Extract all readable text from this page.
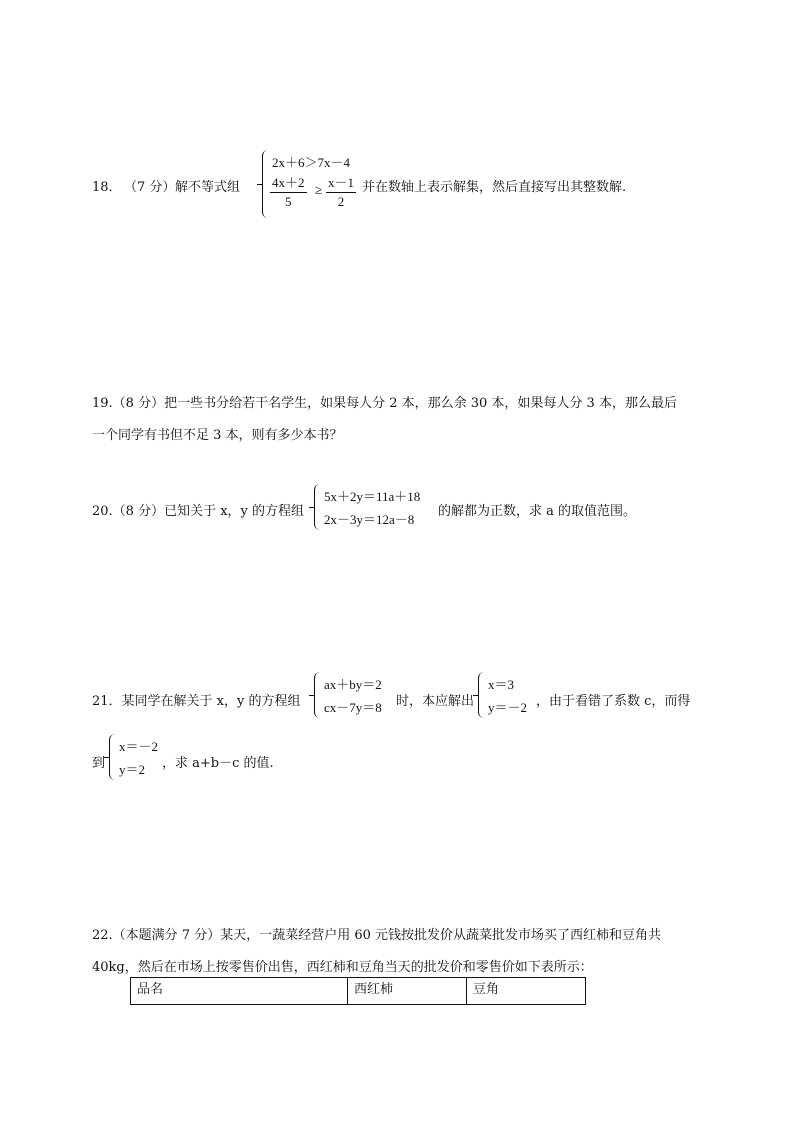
18． （7 分） 解不等式组
2x＋6＞7x－4
4x＋2
5
≥ x－1
2
并在数轴上表示解集，然后直接写出其整数解.
19.（8 分）把一些书分给若干名学生，如果每人分 2 本，那么余 30 本，如果每人分 3 本，那么最后
一个同学有书但不足 3 本，则有多少本书？
20.（8 分）已知关于 x，y 的方程组
5x＋2y＝11a＋18
2x－3y＝12a－8
的解都为正数，求 a 的取值范围。
21．某同学在解关于 x，y 的方程组
ax＋by＝2
cx－7y＝8 时，本应解出
x＝3
y＝－2 ，由于看错了系数 c，而得
到
x＝－2
y＝2 ，求 a+b－c 的值.
22.（本题满分 7 分）某天，一蔬菜经营户用 60 元钱按批发价从蔬菜批发市场买了西红柿和豆角共
40kg，然后在市场上按零售价出售，西红柿和豆角当天的批发价和零售价如下表所示：
品名	西红柿	豆角
